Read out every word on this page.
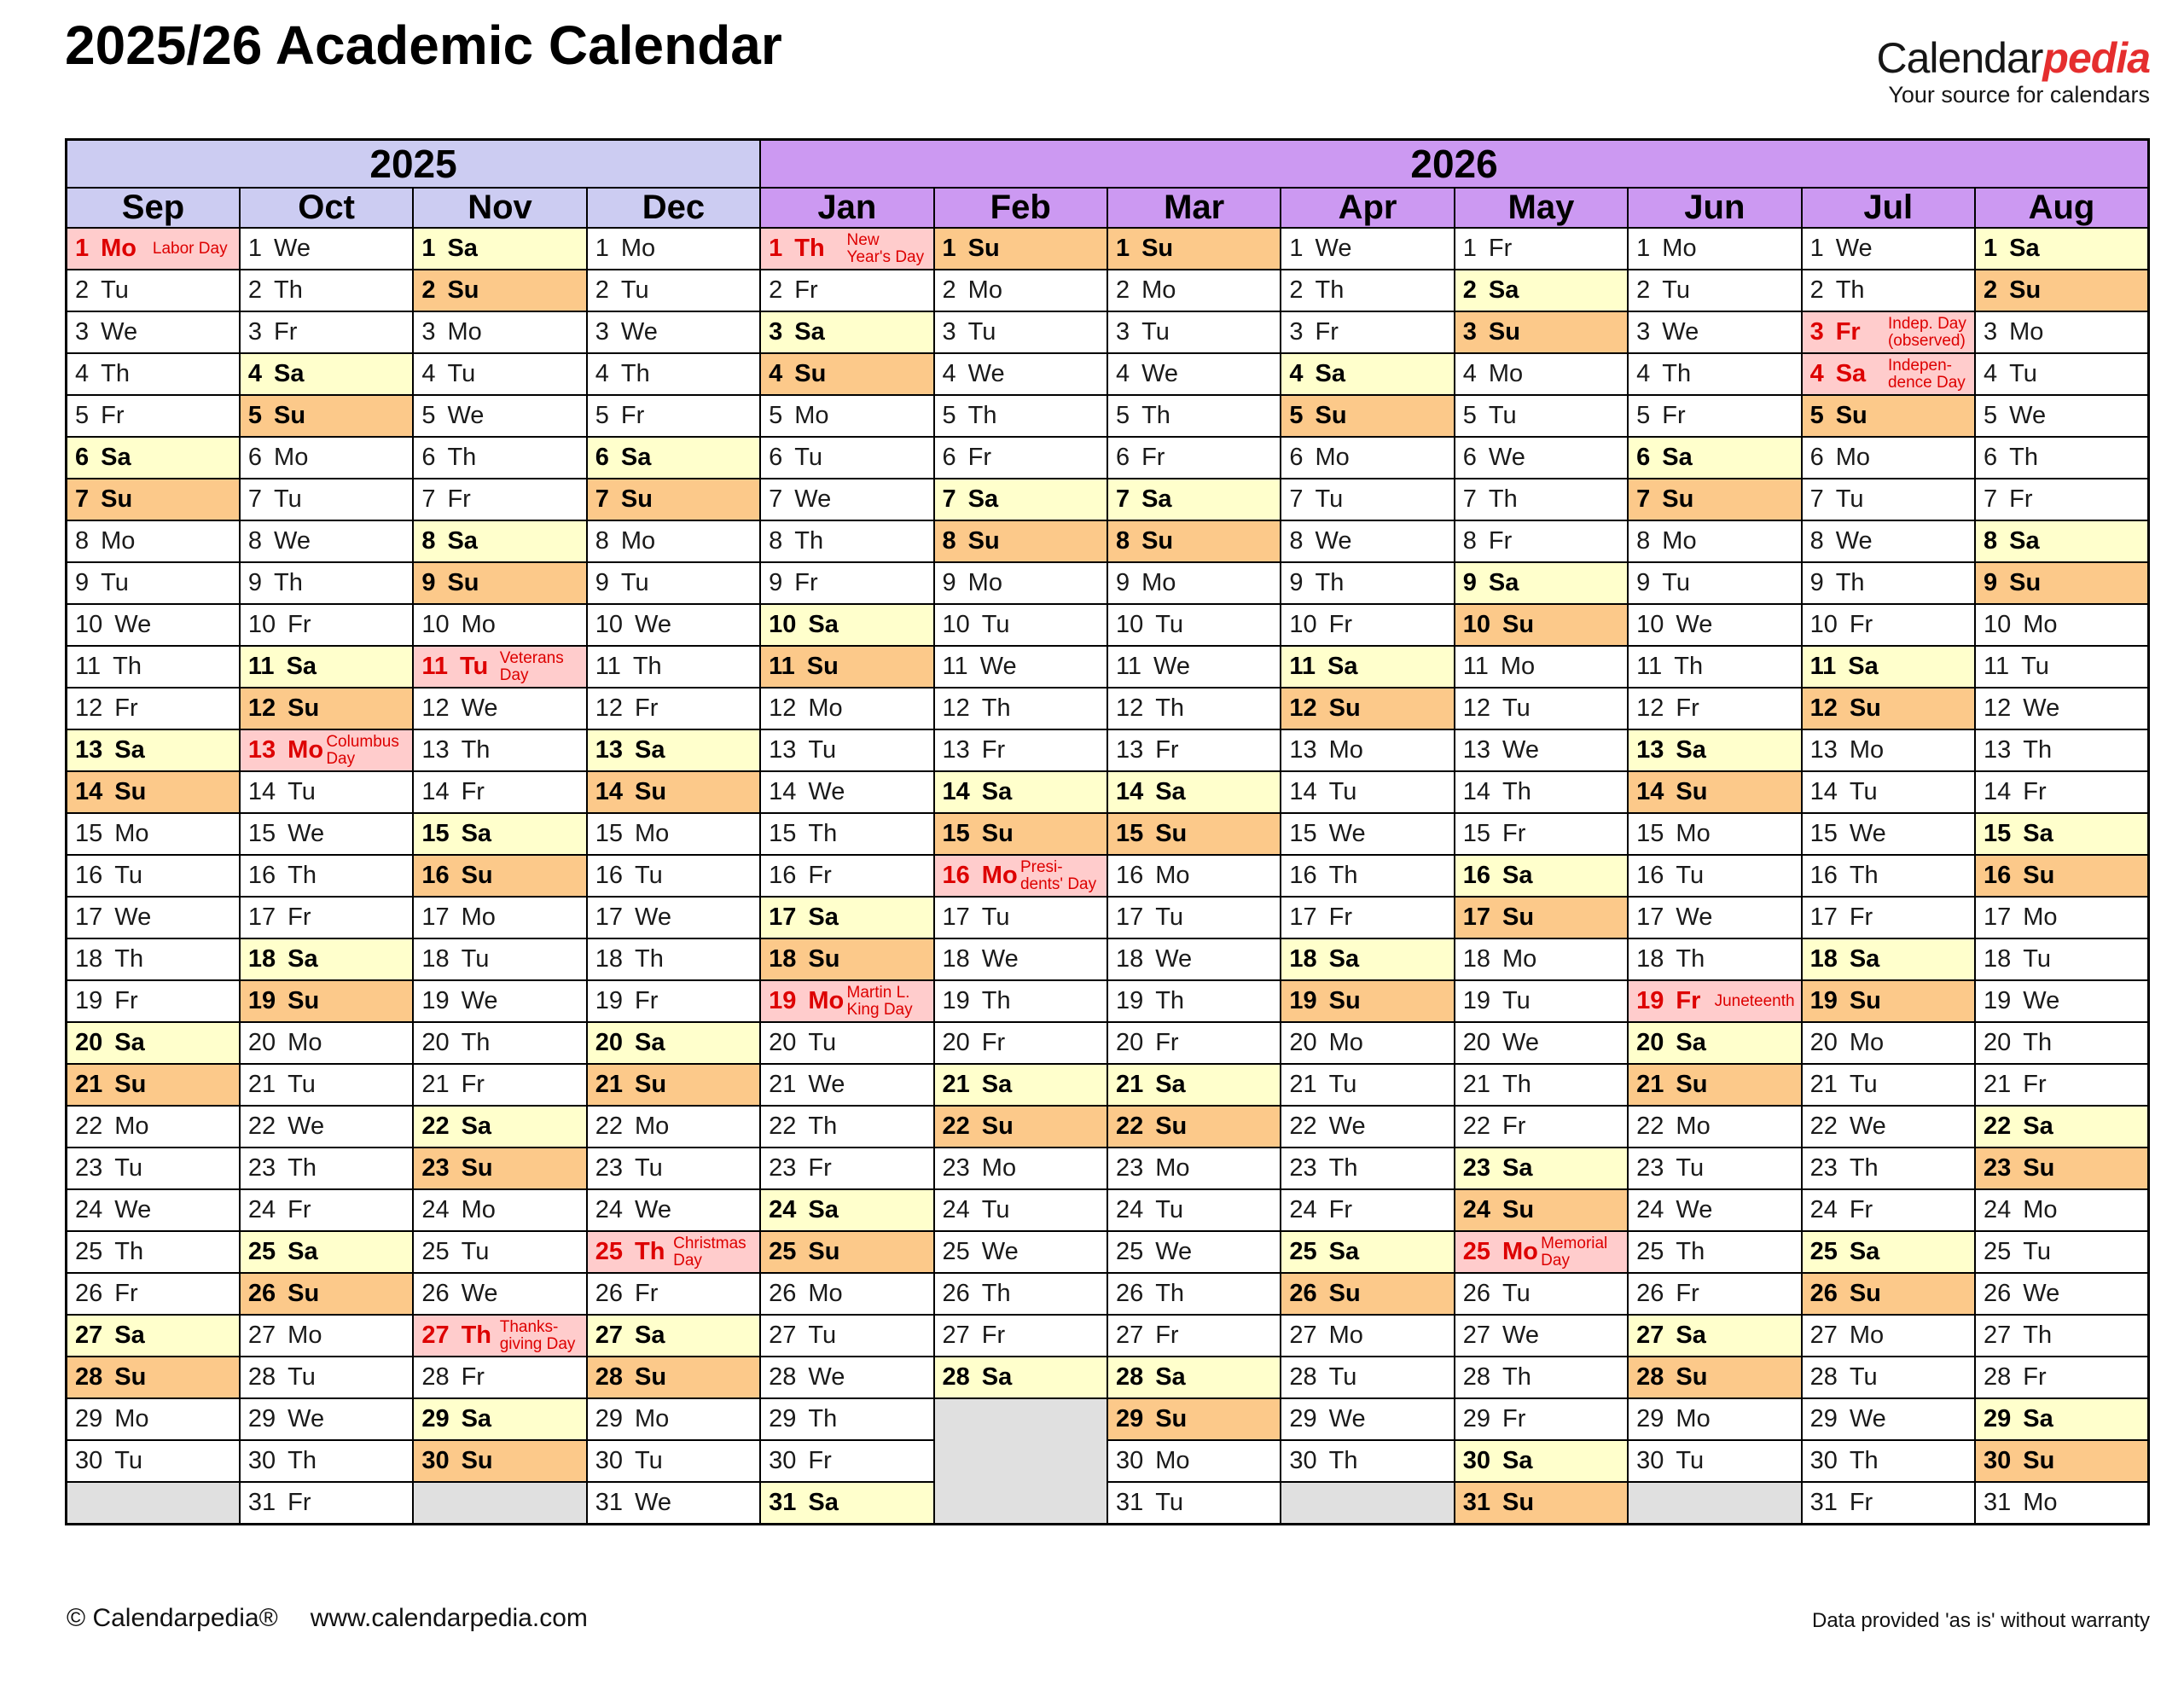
2025/26 Academic Calendar	Calendarpedia
Your source for calendars
2025				2026							
Sep	Oct	Nov	Dec	Jan	Feb	Mar	Apr	May	Jun	Jul	Aug

1 Mo Labor Day	1 We	1 Sa	1 Mo	1 Th New Year's Day	1 Su	1 Su	1 We	1 Fr	1 Mo	1 We	1 Sa

2 Tu	2 Th	2 Su	2 Tu	2 Fr	2 Mo	2 Mo	2 Th	2 Sa	2 Tu	2 Th	2 Su

3 We	3 Fr	3 Mo	3 We	3 Sa	3 Tu	3 Tu	3 Fr	3 Su	3 We	3 Fr Indep. Day (observed)	3 Mo

4 Th	4 Sa	4 Tu	4 Th	4 Su	4 We	4 We	4 Sa	4 Mo	4 Th	4 Sa Indepen-dence Day	4 Tu

5 Fr	5 Su	5 We	5 Fr	5 Mo	5 Th	5 Th	5 Su	5 Tu	5 Fr	5 Su	5 We

6 Sa	6 Mo	6 Th	6 Sa	6 Tu	6 Fr	6 Fr	6 Mo	6 We	6 Sa	6 Mo	6 Th

7 Su	7 Tu	7 Fr	7 Su	7 We	7 Sa	7 Sa	7 Tu	7 Th	7 Su	7 Tu	7 Fr

8 Mo	8 We	8 Sa	8 Mo	8 Th	8 Su	8 Su	8 We	8 Fr	8 Mo	8 We	8 Sa

9 Tu	9 Th	9 Su	9 Tu	9 Fr	9 Mo	9 Mo	9 Th	9 Sa	9 Tu	9 Th	9 Su

10 We	10 Fr	10 Mo	10 We	10 Sa	10 Tu	10 Tu	10 Fr	10 Su	10 We	10 Fr	10 Mo

11 Th	11 Sa	11 Tu Veterans Day	11 Th	11 Su	11 We	11 We	11 Sa	11 Mo	11 Th	11 Sa	11 Tu

12 Fr	12 Su	12 We	12 Fr	12 Mo	12 Th	12 Th	12 Su	12 Tu	12 Fr	12 Su	12 We

13 Sa	13 Mo Columbus Day	13 Th	13 Sa	13 Tu	13 Fr	13 Fr	13 Mo	13 We	13 Sa	13 Mo	13 Th

14 Su	14 Tu	14 Fr	14 Su	14 We	14 Sa	14 Sa	14 Tu	14 Th	14 Su	14 Tu	14 Fr

15 Mo	15 We	15 Sa	15 Mo	15 Th	15 Su	15 Su	15 We	15 Fr	15 Mo	15 We	15 Sa

16 Tu	16 Th	16 Su	16 Tu	16 Fr	16 Mo Presi-dents' Day	16 Mo	16 Th	16 Sa	16 Tu	16 Th	16 Su

17 We	17 Fr	17 Mo	17 We	17 Sa	17 Tu	17 Tu	17 Fr	17 Su	17 We	17 Fr	17 Mo

18 Th	18 Sa	18 Tu	18 Th	18 Su	18 We	18 We	18 Sa	18 Mo	18 Th	18 Sa	18 Tu

19 Fr	19 Su	19 We	19 Fr	19 Mo Martin L. King Day	19 Th	19 Th	19 Su	19 Tu	19 Fr Juneteenth	19 Su	19 We

20 Sa	20 Mo	20 Th	20 Sa	20 Tu	20 Fr	20 Fr	20 Mo	20 We	20 Sa	20 Mo	20 Th

21 Su	21 Tu	21 Fr	21 Su	21 We	21 Sa	21 Sa	21 Tu	21 Th	21 Su	21 Tu	21 Fr

22 Mo	22 We	22 Sa	22 Mo	22 Th	22 Su	22 Su	22 We	22 Fr	22 Mo	22 We	22 Sa

23 Tu	23 Th	23 Su	23 Tu	23 Fr	23 Mo	23 Mo	23 Th	23 Sa	23 Tu	23 Th	23 Su

24 We	24 Fr	24 Mo	24 We	24 Sa	24 Tu	24 Tu	24 Fr	24 Su	24 We	24 Fr	24 Mo

25 Th	25 Sa	25 Tu	25 Th Christmas Day	25 Su	25 We	25 We	25 Sa	25 Mo Memorial Day	25 Th	25 Sa	25 Tu

26 Fr	26 Su	26 We	26 Fr	26 Mo	26 Th	26 Th	26 Su	26 Tu	26 Fr	26 Su	26 We

27 Sa	27 Mo	27 Th Thanks-giving Day	27 Sa	27 Tu	27 Fr	27 Fr	27 Mo	27 We	27 Sa	27 Mo	27 Th

28 Su	28 Tu	28 Fr	28 Su	28 We	28 Sa	28 Sa	28 Tu	28 Th	28 Su	28 Tu	28 Fr

29 Mo	29 We	29 Sa	29 Mo	29 Th		29 Su	29 We	29 Fr	29 Mo	29 We	29 Sa

30 Tu	30 Th	30 Su	30 Tu	30 Fr		30 Mo	30 Th	30 Sa	30 Tu	30 Th	30 Su

	31 Fr		31 We	31 Sa		31 Tu		31 Su		31 Fr	31 Mo
© Calendarpedia® www.calendarpedia.com	Data provided 'as is' without warranty
